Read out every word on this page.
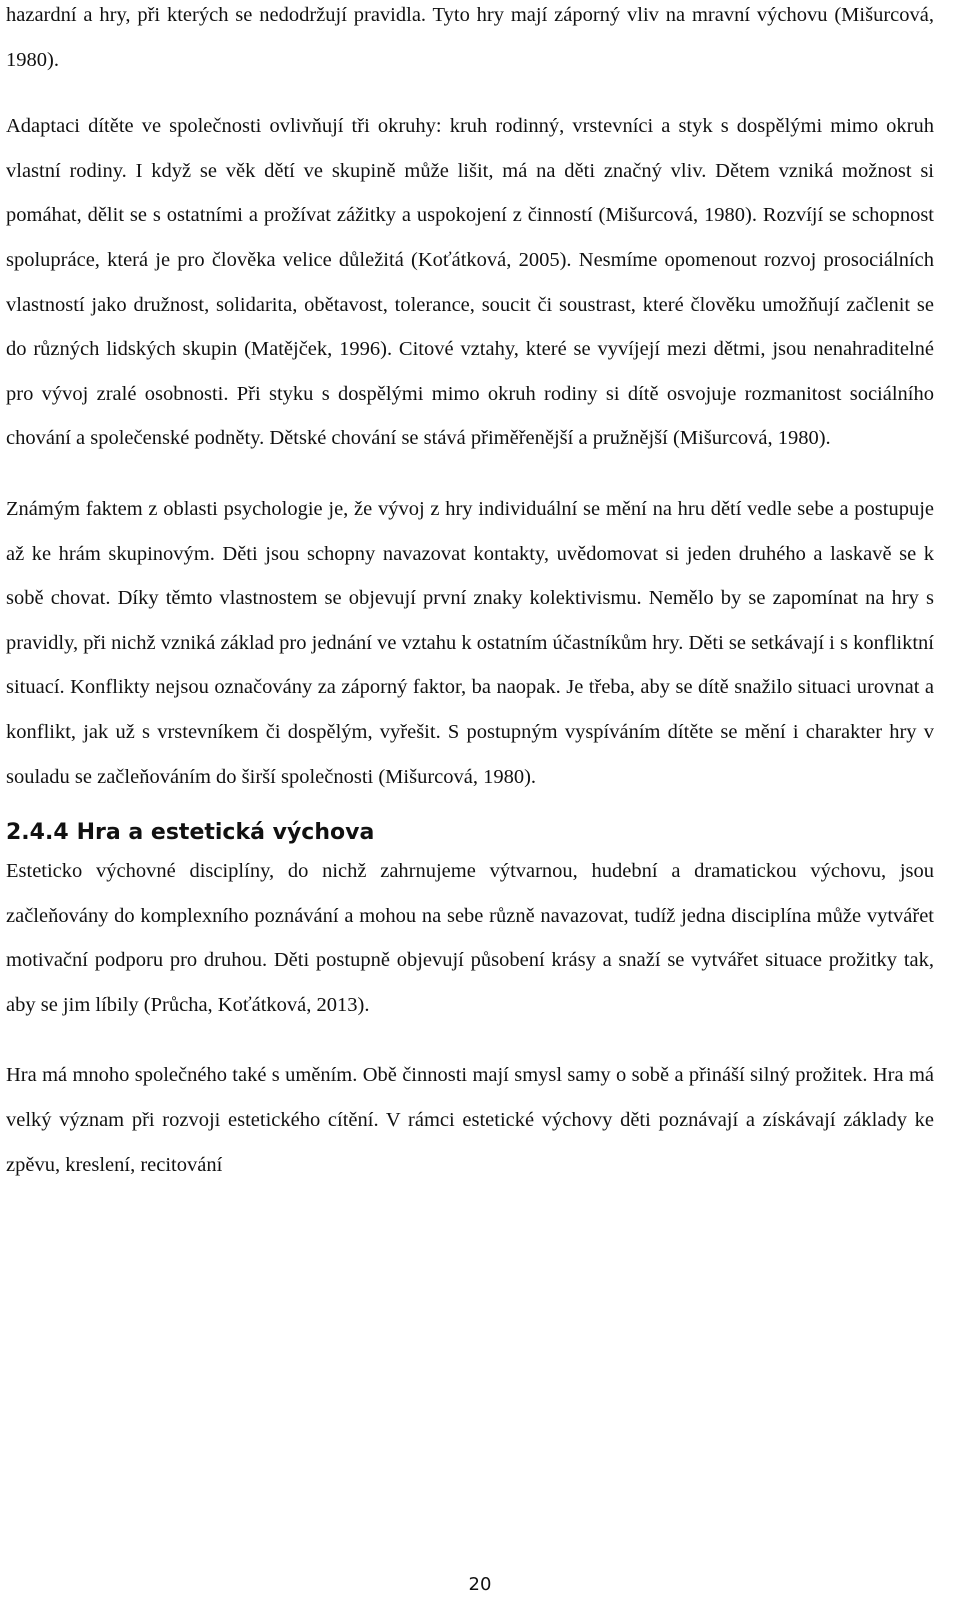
hazardní a hry, při kterých se nedodržují pravidla. Tyto hry mají záporný vliv na mravní výchovu (Mišurcová, 1980).

Adaptaci dítěte ve společnosti ovlivňují tři okruhy: kruh rodinný, vrstevníci a styk s dospělými mimo okruh vlastní rodiny. I když se věk dětí ve skupině může lišit, má na děti značný vliv. Dětem vzniká možnost si pomáhat, dělit se s ostatními a prožívat zážitky a uspokojení z činností (Mišurcová, 1980). Rozvíjí se schopnost spolupráce, která je pro člověka velice důležitá (Koťátková, 2005). Nesmíme opomenout rozvoj prosociálních vlastností jako družnost, solidarita, obětavost, tolerance, soucit či soustrast, které člověku umožňují začlenit se do různých lidských skupin (Matějček, 1996). Citové vztahy, které se vyvíjejí mezi dětmi, jsou nenahraditelné pro vývoj zralé osobnosti. Při styku s dospělými mimo okruh rodiny si dítě osvojuje rozmanitost sociálního chování a společenské podněty. Dětské chování se stává přiměřenější a pružnější (Mišurcová, 1980).

Známým faktem z oblasti psychologie je, že vývoj z hry individuální se mění na hru dětí vedle sebe a postupuje až ke hrám skupinovým. Děti jsou schopny navazovat kontakty, uvědomovat si jeden druhého a laskavě se k sobě chovat. Díky těmto vlastnostem se objevují první znaky kolektivismu. Nemělo by se zapomínat na hry s pravidly, při nichž vzniká základ pro jednání ve vztahu k ostatním účastníkům hry. Děti se setkávají i s konfliktní situací. Konflikty nejsou označovány za záporný faktor, ba naopak. Je třeba, aby se dítě snažilo situaci urovnat a konflikt, jak už s vrstevníkem či dospělým, vyřešit. S postupným vyspíváním dítěte se mění i charakter hry v souladu se začleňováním do širší společnosti (Mišurcová, 1980).

2.4.4 Hra a estetická výchova

Esteticko výchovné disciplíny, do nichž zahrnujeme výtvarnou, hudební a dramatickou výchovu, jsou začleňovány do komplexního poznávání a mohou na sebe různě navazovat, tudíž jedna disciplína může vytvářet motivační podporu pro druhou. Děti postupně objevují působení krásy a snaží se vytvářet situace prožitky tak, aby se jim líbily (Průcha, Koťátková, 2013).

Hra má mnoho společného také s uměním. Obě činnosti mají smysl samy o sobě a přináší silný prožitek. Hra má velký význam při rozvoji estetického cítění. V rámci estetické výchovy děti poznávají a získávají základy ke zpěvu, kreslení, recitování

20
